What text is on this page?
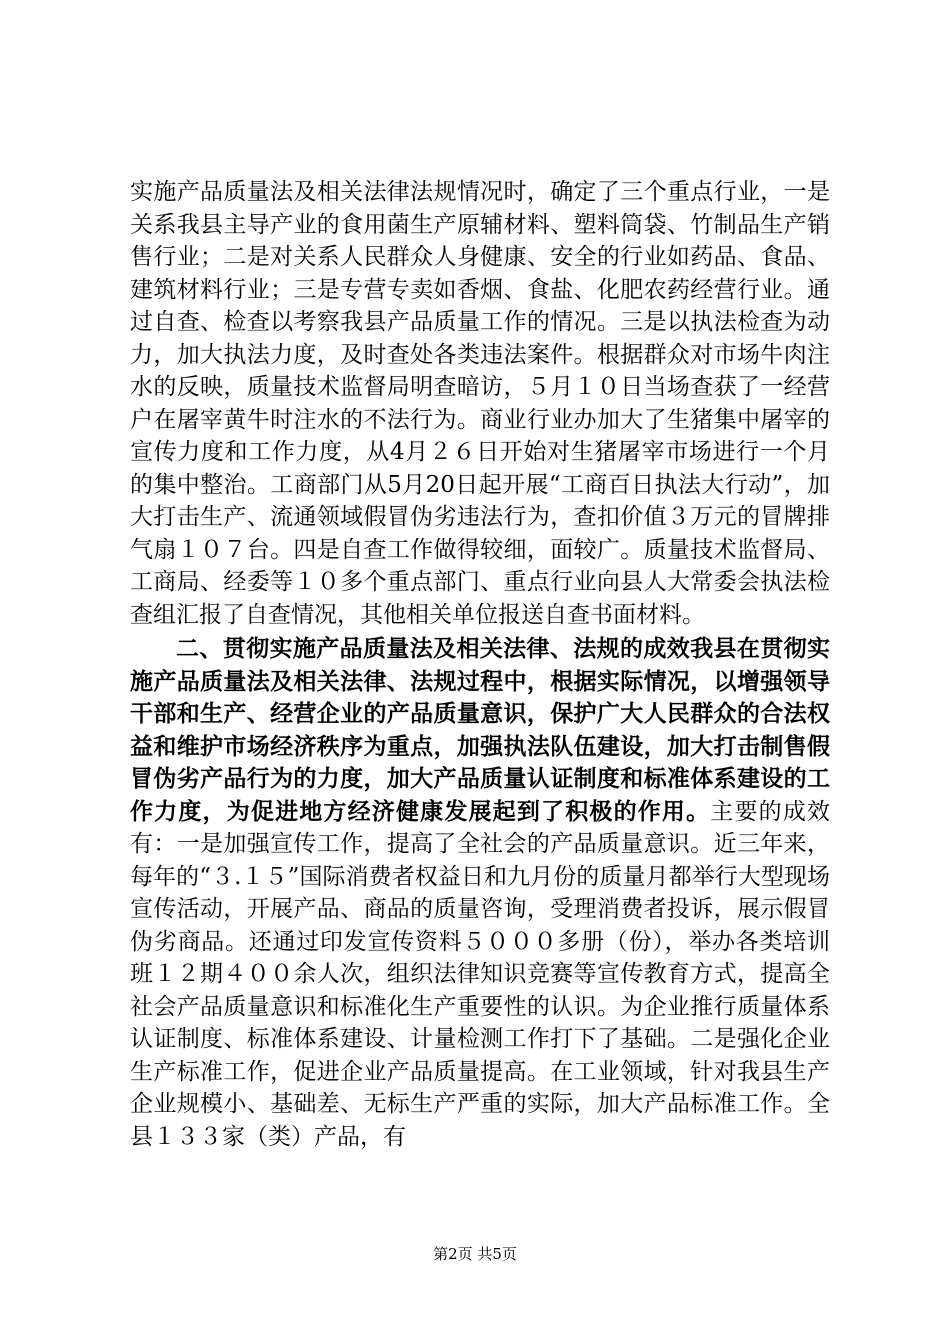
实施产品质量法及相关法律法规情况时，确定了三个重点行业，一是关系我县主导产业的食用菌生产原辅材料、塑料筒袋、竹制品生产销售行业；二是对关系人民群众人身健康、安全的行业如药品、食品、建筑材料行业；三是专营专卖如香烟、食盐、化肥农药经营行业。通过自查、检查以考察我县产品质量工作的情况。三是以执法检查为动力，加大执法力度，及时查处各类违法案件。根据群众对市场牛肉注水的反映，质量技术监督局明查暗访，５月１０日当场查获了一经营户在屠宰黄牛时注水的不法行为。商业行业办加大了生猪集中屠宰的宣传力度和工作力度，从4月２６日开始对生猪屠宰市场进行一个月的集中整治。工商部门从5月20日起开展“工商百日执法大行动”，加大打击生产、流通领域假冒伪劣违法行为，查扣价值３万元的冒牌排气扇１０７台。四是自查工作做得较细，面较广。质量技术监督局、工商局、经委等１０多个重点部门、重点行业向县人大常委会执法检查组汇报了自查情况，其他相关单位报送自查书面材料。

二、贯彻实施产品质量法及相关法律、法规的成效我县在贯彻实施产品质量法及相关法律、法规过程中，根据实际情况，以增强领导干部和生产、经营企业的产品质量意识，保护广大人民群众的合法权益和维护市场经济秩序为重点，加强执法队伍建设，加大打击制售假冒伪劣产品行为的力度，加大产品质量认证制度和标准体系建设的工作力度，为促进地方经济健康发展起到了积极的作用。主要的成效有：一是加强宣传工作，提高了全社会的产品质量意识。近三年来，每年的“３.１５”国际消费者权益日和九月份的质量月都举行大型现场宣传活动，开展产品、商品的质量咨询，受理消费者投诉，展示假冒伪劣商品。还通过印发宣传资料５０００多册（份），举办各类培训班１２期４００余人次，组织法律知识竞赛等宣传教育方式，提高全社会产品质量意识和标准化生产重要性的认识。为企业推行质量体系认证制度、标准体系建设、计量检测工作打下了基础。二是强化企业生产标准工作，促进企业产品质量提高。在工业领域，针对我县生产企业规模小、基础差、无标生产严重的实际，加大产品标准工作。全县１３３家（类）产品，有

第2页 共5页
